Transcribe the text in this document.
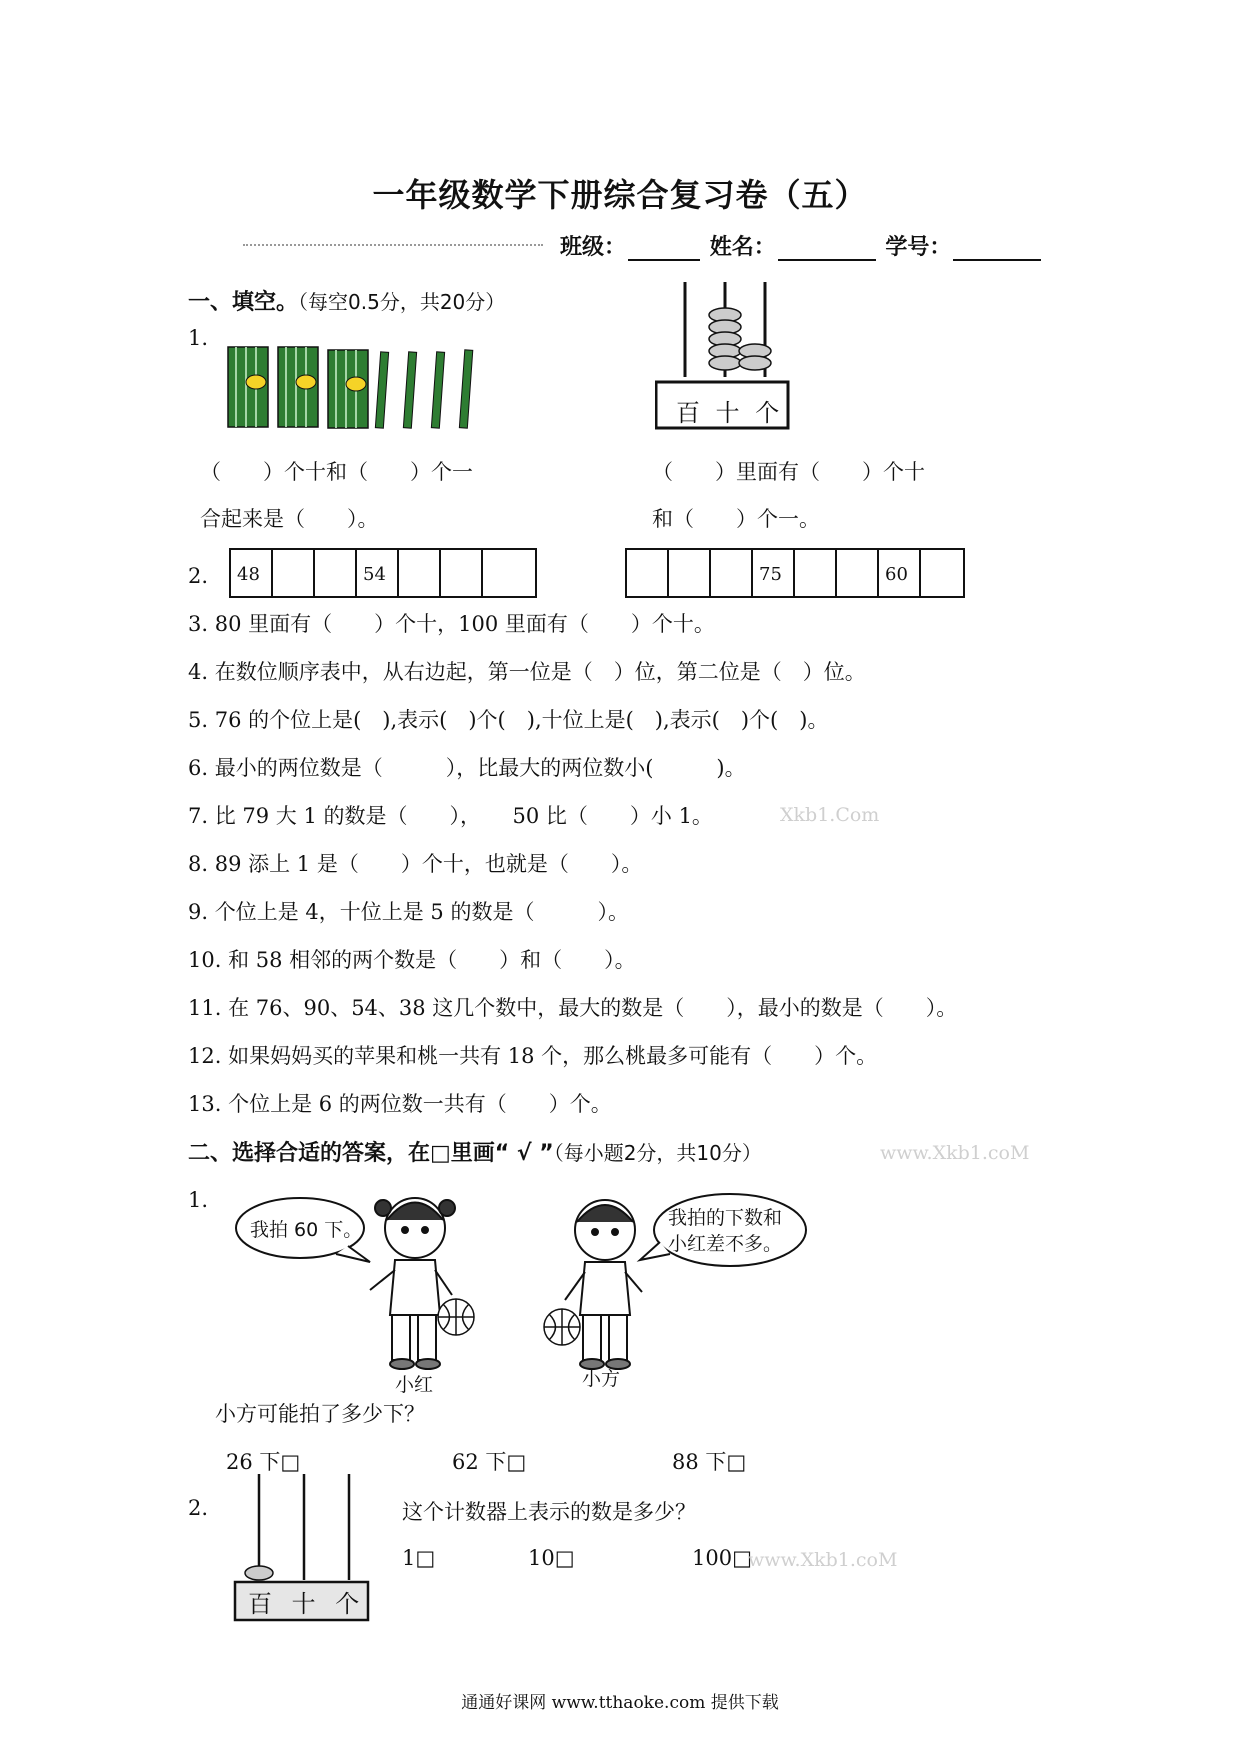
一年级数学下册综合复习卷（五）
班级：	姓名：	学号：
一、填空。（每空0.5分，共20分）
1.
百 十 个
（　　）个十和（　　）个一
合起来是（　　）。
（　　）里面有（　　）个十
和（　　）个一。
2.	48	54	75	60
3. 80 里面有（　　）个十，100 里面有（　　）个十。
4. 在数位顺序表中，从右边起，第一位是（　）位，第二位是（　）位。
5. 76 的个位上是(　),表示(　)个(　),十位上是(　),表示(　)个(　)。
6. 最小的两位数是（　　　），比最大的两位数小(　　　)。
7. 比 79 大 1 的数是（　　），　　50 比（　　）小 1。	Xkb1.Com
8. 89 添上 1 是（　　）个十，也就是（　　）。
9. 个位上是 4，十位上是 5 的数是（　　　）。
10. 和 58 相邻的两个数是（　　）和（　　）。
11. 在 76、90、54、38 这几个数中，最大的数是（　　），最小的数是（　　）。
12. 如果妈妈买的苹果和桃一共有 18 个，那么桃最多可能有（　　）个。
13. 个位上是 6 的两位数一共有（　　）个。
二、选择合适的答案，在□里画“ √ ”（每小题2分，共10分）	www.Xkb1.coM
1.
我拍 60 下。
我拍的下数和
小红差不多。
小红	小方
小方可能拍了多少下？
26 下□	62 下□	88 下□
2.
百 十 个
这个计数器上表示的数是多少？
1□	10□	100□
www.Xkb1.coM
通通好课网 www.tthaoke.com 提供下载
